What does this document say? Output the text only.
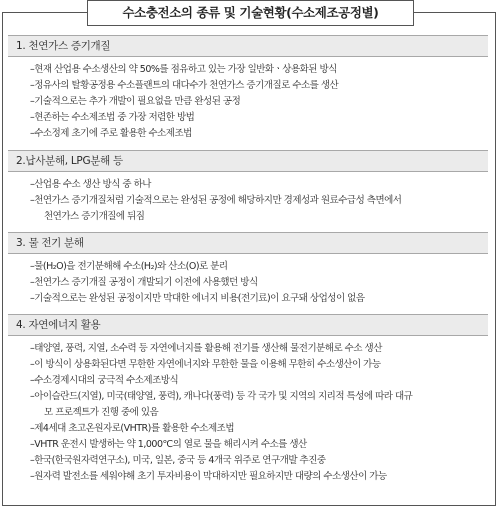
수소충전소의 종류 및 기술현황(수소제조공정별)
1. 천연가스 증기개질
–현재 산업용 수소생산의 약 50%를 점유하고 있는 가장 일반화ㆍ상용화된 방식
–정유사의 탈황공정용 수소플랜트의 대다수가 천연가스 증기개질로 수소를 생산
–기술적으로는 추가 개발이 필요없을 만큼 완성된 공정
–현존하는 수소제조법 중 가장 저렴한 방법
–수소정제 초기에 주로 활용한 수소제조법
2.납사분해, LPG분해 등
–산업용 수소 생산 방식 중 하나
–천연가스 증기개질처럼 기술적으로는 완성된 공정에 해당하지만 경제성과 원료수급성 측면에서
천연가스 증기개질에 뒤짐
3. 물 전기 분해
–물(H₂O)을 전기분해해 수소(H₂)와 산소(O)로 분리
–천연가스 증기개질 공정이 개발되기 이전에 사용했던 방식
–기술적으로는 완성된 공정이지만 막대한 에너지 비용(전기료)이 요구돼 상업성이 없음
4. 자연에너지 활용
–태양열, 풍력, 지열, 소수력 등 자연에너지를 활용해 전기를 생산해 물전기분해로 수소 생산
–이 방식이 상용화된다면 무한한 자연에너지와 무한한 물을 이용해 무한히 수소생산이 가능
–수소경제시대의 궁극적 수소제조방식
–아이슬란드(지열), 미국(태양열, 풍력), 캐나다(풍력) 등 각 국가 및 지역의 지리적 특성에 따라 대규
모 프로젝트가 진행 중에 있음
–제4세대 초고온원자로(VHTR)를 활용한 수소제조법
–VHTR 운전시 발생하는 약 1,000℃의 열로 물을 해리시켜 수소를 생산
–한국(한국원자력연구소), 미국, 일본, 중국 등 4개국 위주로 연구개발 추진중
–원자력 발전소를 세워야해 초기 투자비용이 막대하지만 필요하지만 대량의 수소생산이 가능
